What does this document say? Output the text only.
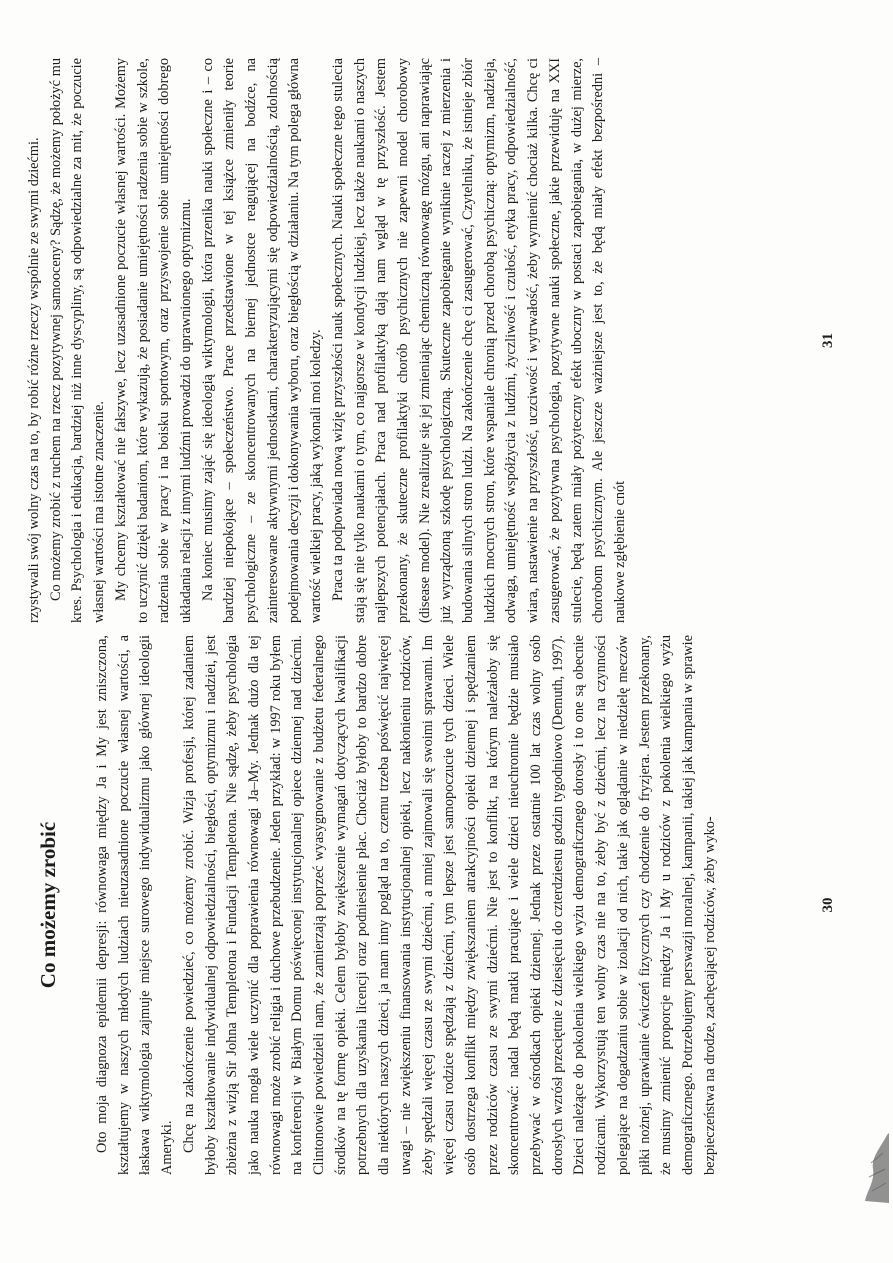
Co możemy zrobić Oto moja diagnoza epidemii depresji: równowaga między Ja i My jest zniszczona, kształtujemy w naszych młodych ludziach nieuzasadnione poczucie własnej wartości, a łaskawa wiktymologia zajmuje miejsce surowego indywidualizmu jako głównej ideologii Ameryki. Chcę na zakończenie powiedzieć, co możemy zrobić. Wizja profesji, której zadaniem byłoby kształtowanie indywidualnej odpowiedzialności, biegłości, optymizmu i nadziei, jest zbieżna z wizją Sir Johna Templetona i Fundacji Templetona. Nie sądzę, żeby psychologia jako nauka mogła wiele uczynić dla poprawienia równowagi Ja–My. Jednak dużo dla tej równowagi może zrobić religia i duchowe przebudzenie. Jeden przykład: w 1997 roku byłem na konferencji w Białym Domu poświęconej instytucjonalnej opiece dziennej nad dziećmi. Clintonowie powiedzieli nam, że zamierzają poprzeć wyasygnowanie z budżetu federalnego środków na tę formę opieki. Celem byłoby zwiększenie wymagań dotyczących kwalifikacji potrzebnych dla uzyskania licencji oraz podniesienie płac. Chociaż byłoby to bardzo dobre dla niektórych naszych dzieci, ja mam inny pogląd na to, czemu trzeba poświęcić najwięcej uwagi – nie zwiększeniu finansowania instytucjonalnej opieki, lecz nakłonieniu rodziców, żeby spędzali więcej czasu ze swymi dziećmi, a mniej zajmowali się swoimi sprawami. Im więcej czasu rodzice spędzają z dziećmi, tym lepsze jest samopoczucie tych dzieci. Wiele osób dostrzega konflikt między zwiększaniem atrakcyjności opieki dziennej i spędzaniem przez rodziców czasu ze swymi dziećmi. Nie jest to konflikt, na którym należałoby się skoncentrować: nadal będą matki pracujące i wiele dzieci nieuchronnie będzie musiało przebywać w ośrodkach opieki dziennej. Jednak przez ostatnie 100 lat czas wolny osób dorosłych wzrósł przeciętnie z dziesięciu do czterdziestu godzin tygodniowo (Demuth, 1997). Dzieci należące do pokolenia wielkiego wyżu demograficznego dorosły i to one są obecnie rodzicami. Wykorzystują ten wolny czas nie na to, żeby być z dziećmi, lecz na czynności polegające na dogadzaniu sobie w izolacji od nich, takie jak oglądanie w niedzielę meczów piłki nożnej, uprawianie ćwiczeń fizycznych czy chodzenie do fryzjera. Jestem przekonany, że musimy zmienić proporcje między Ja i My u rodziców z pokolenia wielkiego wyżu demograficznego. Potrzebujemy perswazji moralnej, kampanii, takiej jak kampania w sprawie bezpieczeństwa na drodze, zachęcającej rodziców, żeby wyko-	30

rzystywali swój wolny czas na to, by robić różne rzeczy wspólnie ze swymi dziećmi. Co możemy zrobić z ruchem na rzecz pozytywnej samooceny? Sądzę, że możemy położyć mu kres. Psychologia i edukacja, bardziej niż inne dyscypliny, są odpowiedzialne za mit, że poczucie własnej wartości ma istotne znaczenie. My chcemy kształtować nie fałszywe, lecz uzasadnione poczucie własnej wartości. Możemy to uczynić dzięki badaniom, które wykazują, że posiadanie umiejętności radzenia sobie w szkole, radzenia sobie w pracy i na boisku sportowym, oraz przyswojenie sobie umiejętności dobrego układania relacji z innymi ludźmi prowadzi do uprawnionego optymizmu. Na koniec musimy zająć się ideologią wiktymologii, która przenika nauki społeczne i – co bardziej niepokojące – społeczeństwo. Prace przedstawione w tej książce zmieniły teorie psychologiczne – ze skoncentrowanych na biernej jednostce reagującej na bodźce, na zainteresowane aktywnymi jednostkami, charakteryzującymi się odpowiedzialnością, zdolnością podejmowania decyzji i dokonywania wyboru, oraz biegłością w działaniu. Na tym polega główna wartość wielkiej pracy, jaką wykonali moi koledzy. Praca ta podpowiada nową wizję przyszłości nauk społecznych. Nauki społeczne tego stulecia stają się nie tylko naukami o tym, co najgorsze w kondycji ludzkiej, lecz także naukami o naszych najlepszych potencjałach. Praca nad profilaktyką dają nam wgląd w tę przyszłość. Jestem przekonany, że skuteczne profilaktyki chorób psychicznych nie zapewni model chorobowy (disease model). Nie zrealizuje się jej zmieniając chemiczną równowagę mózgu, ani naprawiając już wyrządzoną szkodę psychologiczną. Skuteczne zapobieganie wyniknie raczej z mierzenia i budowania silnych stron ludzi. Na zakończenie chcę ci zasugerować, Czytelniku, że istnieje zbiór ludzkich mocnych stron, które wspaniale chronią przed chorobą psychiczną: optymizm, nadzieja, odwaga, umiejętność współżycia z ludźmi, życzliwość i czułość, etyka pracy, odpowiedzialność, wiara, nastawienie na przyszłość, uczciwość i wytrwałość, żeby wymienić chociaż kilka. Chcę ci zasugerować, że pozytywna psychologia, pozytywne nauki społeczne, jakie przewiduję na XXI stulecie, będą zatem miały pożyteczny efekt uboczny w postaci zapobiegania, w dużej mierze, chorobom psychicznym. Ale jeszcze ważniejsze jest to, że będą miały efekt bezpośredni – naukowe zgłębienie cnót

31
